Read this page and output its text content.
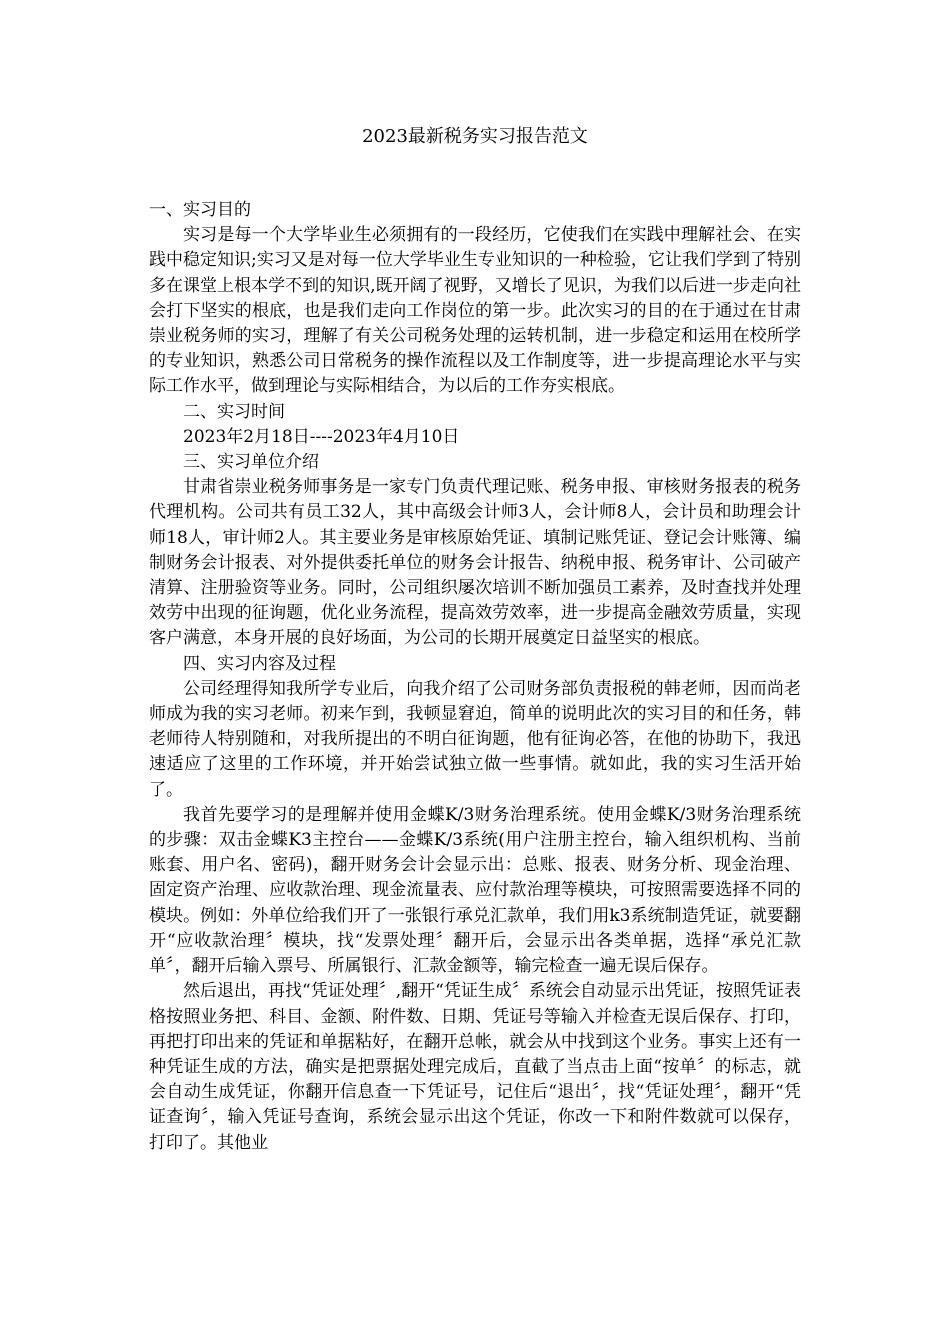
2023最新税务实习报告范文

一、实习目的

实习是每一个大学毕业生必须拥有的一段经历，它使我们在实践中理解社会、在实践中稳定知识;实习又是对每一位大学毕业生专业知识的一种检验，它让我们学到了特别多在课堂上根本学不到的知识,既开阔了视野，又增长了见识，为我们以后进一步走向社会打下坚实的根底，也是我们走向工作岗位的第一步。此次实习的目的在于通过在甘肃崇业税务师的实习，理解了有关公司税务处理的运转机制，进一步稳定和运用在校所学的专业知识，熟悉公司日常税务的操作流程以及工作制度等，进一步提高理论水平与实际工作水平，做到理论与实际相结合，为以后的工作夯实根底。

二、实习时间

2023年2月18日----2023年4月10日

三、实习单位介绍

甘肃省崇业税务师事务是一家专门负责代理记账、税务申报、审核财务报表的税务代理机构。公司共有员工32人，其中高级会计师3人，会计师8人，会计员和助理会计师18人，审计师2人。其主要业务是审核原始凭证、填制记账凭证、登记会计账簿、编制财务会计报表、对外提供委托单位的财务会计报告、纳税申报、税务审计、公司破产清算、注册验资等业务。同时，公司组织屡次培训不断加强员工素养，及时查找并处理效劳中出现的征询题，优化业务流程，提高效劳效率，进一步提高金融效劳质量，实现客户满意，本身开展的良好场面，为公司的长期开展奠定日益坚实的根底。

四、实习内容及过程

公司经理得知我所学专业后，向我介绍了公司财务部负责报税的韩老师，因而尚老师成为我的实习老师。初来乍到，我顿显窘迫，简单的说明此次的实习目的和任务，韩老师待人特别随和，对我所提出的不明白征询题，他有征询必答，在他的协助下，我迅速适应了这里的工作环境，并开始尝试独立做一些事情。就如此，我的实习生活开始了。

我首先要学习的是理解并使用金蝶K/3财务治理系统。使用金蝶K/3财务治理系统的步骤：双击金蝶K3主控台——金蝶K/3系统(用户注册主控台，输入组织机构、当前账套、用户名、密码)，翻开财务会计会显示出：总账、报表、财务分析、现金治理、固定资产治理、应收款治理、现金流量表、应付款治理等模块，可按照需要选择不同的模块。例如：外单位给我们开了一张银行承兑汇款单，我们用k3系统制造凭证，就要翻开“应收款治理〞模块，找“发票处理〞翻开后，会显示出各类单据，选择“承兑汇款单〞，翻开后输入票号、所属银行、汇款金额等，输完检查一遍无误后保存。

然后退出，再找“凭证处理〞,翻开“凭证生成〞系统会自动显示出凭证，按照凭证表格按照业务把、科目、金额、附件数、日期、凭证号等输入并检查无误后保存、打印，再把打印出来的凭证和单据粘好，在翻开总帐，就会从中找到这个业务。事实上还有一种凭证生成的方法，确实是把票据处理完成后，直截了当点击上面“按单〞的标志，就会自动生成凭证，你翻开信息查一下凭证号，记住后“退出〞，找“凭证处理〞，翻开“凭证查询〞，输入凭证号查询，系统会显示出这个凭证，你改一下和附件数就可以保存，打印了。其他业
